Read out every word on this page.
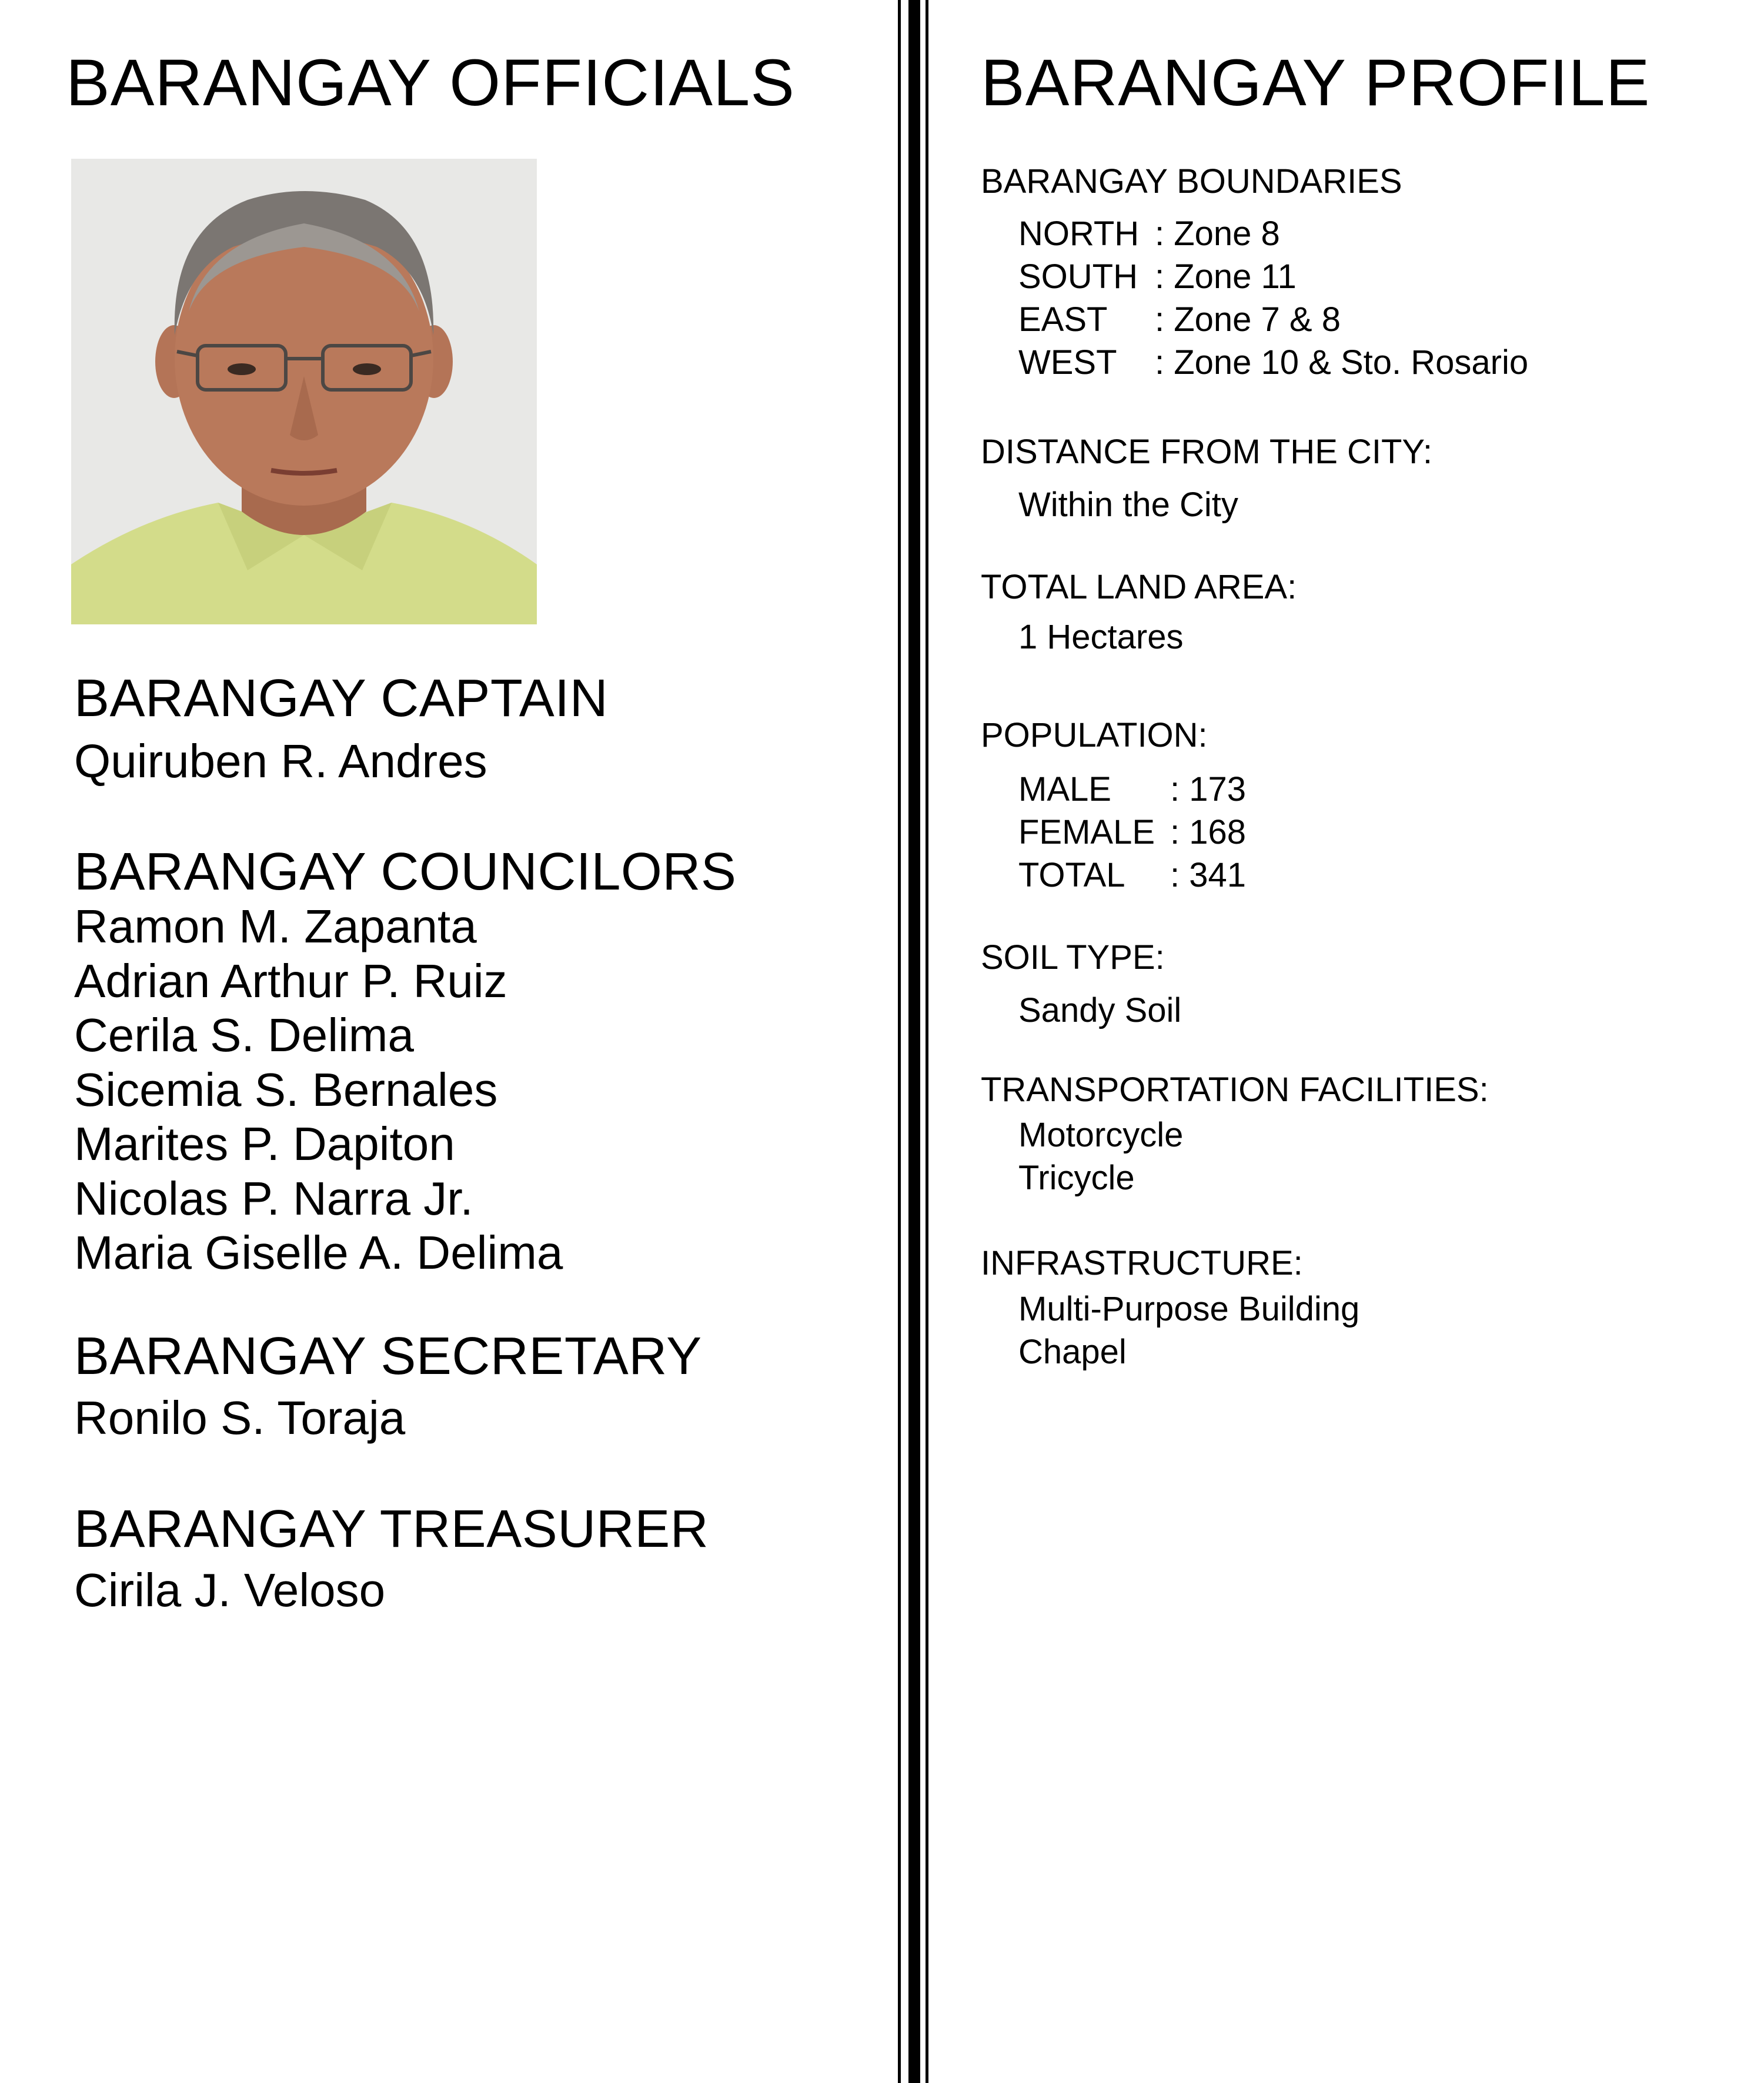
BARANGAY OFFICIALS
BARANGAY CAPTAIN
Quiruben R. Andres
BARANGAY COUNCILORS
Ramon M. Zapanta
Adrian Arthur P. Ruiz
Cerila S. Delima
Sicemia S. Bernales
Marites P. Dapiton
Nicolas P. Narra Jr.
Maria Giselle A. Delima
BARANGAY SECRETARY
Ronilo S. Toraja
BARANGAY TREASURER
Cirila J. Veloso
BARANGAY PROFILE
BARANGAY BOUNDARIES
NORTH	: Zone 8
SOUTH	: Zone 11
EAST	: Zone 7 & 8
WEST	: Zone 10 & Sto. Rosario
DISTANCE FROM THE CITY:
Within the City
TOTAL LAND AREA:
1 Hectares
POPULATION:
MALE	: 173
FEMALE	: 168
TOTAL	: 341
SOIL TYPE:
Sandy Soil
TRANSPORTATION FACILITIES:
Motorcycle
Tricycle
INFRASTRUCTURE:
Multi-Purpose Building
Chapel
